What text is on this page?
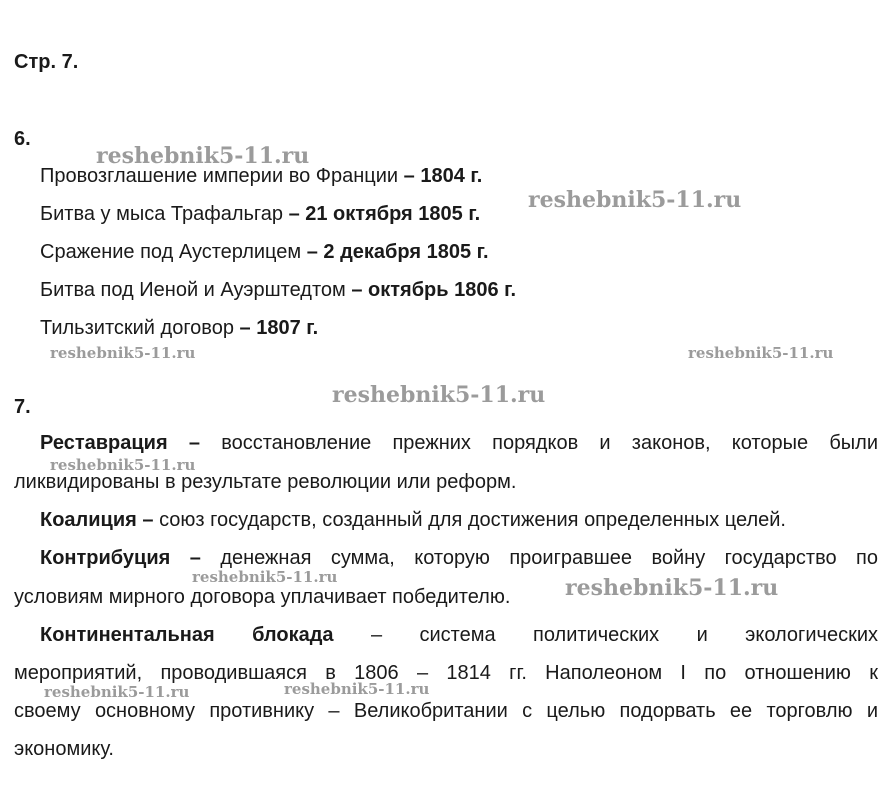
Стр. 7.
6.
Провозглашение империи во Франции – 1804 г.
Битва у мыса Трафальгар – 21 октября 1805 г.
Сражение под Аустерлицем – 2 декабря 1805 г.
Битва под Иеной и Ауэрштедтом – октябрь 1806 г.
Тильзитский договор – 1807 г.
7.
Реставрация – восстановление прежних порядков и законов, которые были
ликвидированы в результате революции или реформ.
Коалиция – союз государств, созданный для достижения определенных целей.
Контрибуция – денежная сумма, которую проигравшее войну государство по
условиям мирного договора уплачивает победителю.
Континентальная блокада – система политических и экологических
мероприятий, проводившаяся в 1806 – 1814 гг. Наполеоном I по отношению к
своему основному противнику – Великобритании с целью подорвать ее торговлю и
экономику.
reshebnik5-11.ru
reshebnik5-11.ru
reshebnik5-11.ru	reshebnik5-11.ru
reshebnik5-11.ru
reshebnik5-11.ru
reshebnik5-11.ru	reshebnik5-11.ru
reshebnik5-11.ru	reshebnik5-11.ru
